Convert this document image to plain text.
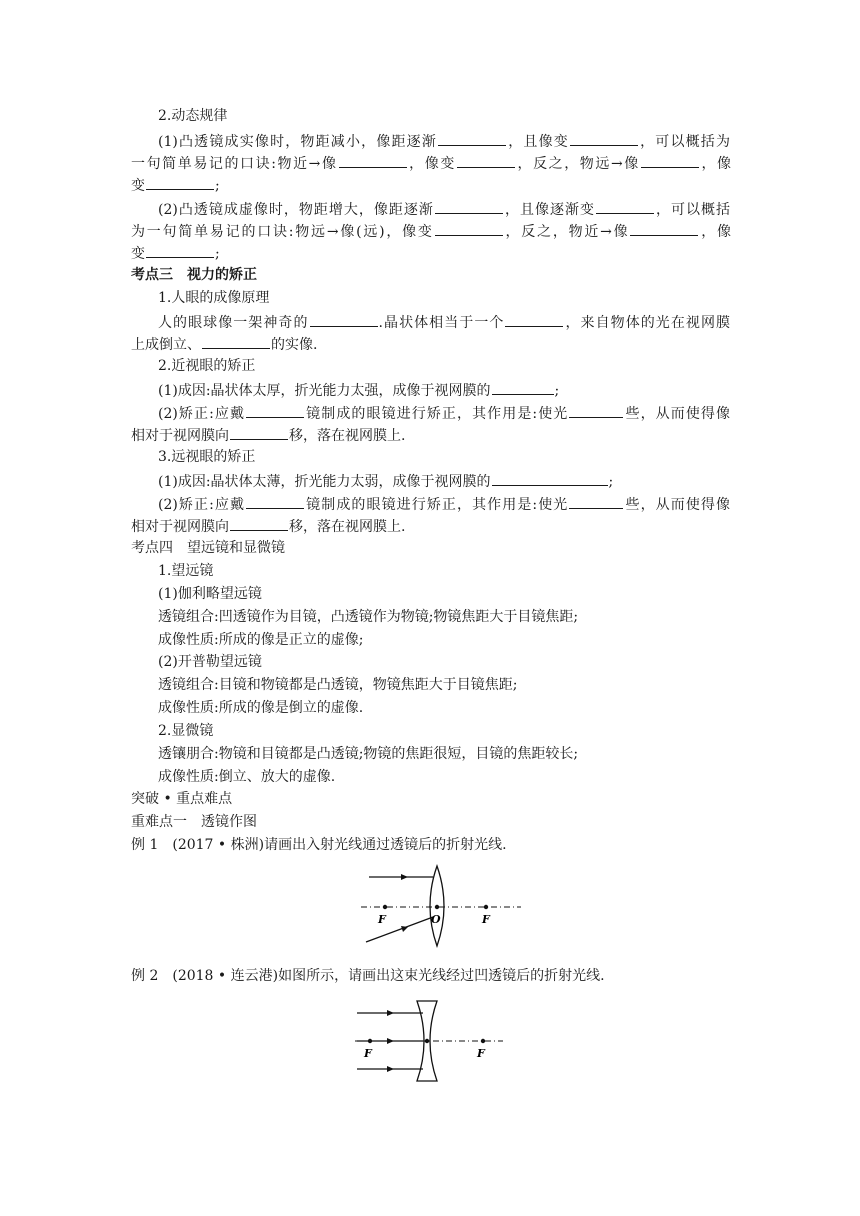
2.动态规律
(1)凸透镜成实像时，物距减小，像距逐渐	，且像变	，可以概括为
一句简单易记的口诀:物近→像	，像变	，反之，物远→像	，像
变	;
(2)凸透镜成虚像时，物距增大，像距逐渐	，且像逐渐变	，可以概括
为一句简单易记的口诀:物远→像(远)，像变	，反之，物近→像	，像
变	;
考点三　视力的矫正
1.人眼的成像原理
人的眼球像一架神奇的	.晶状体相当于一个	，来自物体的光在视网膜
上成倒立、	的实像.
2.近视眼的矫正
(1)成因:晶状体太厚，折光能力太强，成像于视网膜的	;
(2)矫正:应戴	镜制成的眼镜进行矫正，其作用是:使光	些，从而使得像
相对于视网膜向	移，落在视网膜上.
3.远视眼的矫正
(1)成因:晶状体太薄，折光能力太弱，成像于视网膜的	;
(2)矫正:应戴	镜制成的眼镜进行矫正，其作用是:使光	些，从而使得像
相对于视网膜向	移，落在视网膜上.
考点四　望远镜和显微镜
1.望远镜
(1)伽利略望远镜
透镜组合:凹透镜作为目镜，凸透镜作为物镜;物镜焦距大于目镜焦距;
成像性质:所成的像是正立的虚像;
(2)开普勒望远镜
透镜组合:目镜和物镜都是凸透镜，物镜焦距大于目镜焦距;
成像性质:所成的像是倒立的虚像.
2.显微镜
透镶朋合:物镜和目镜都是凸透镜;物镜的焦距很短，目镜的焦距较长;
成像性质:倒立、放大的虚像.
突破 • 重点难点
重难点一　透镜作图
例 1　(2017 • 株洲)请画出入射光线通过透镜后的折射光线.
F	O	F
例 2　(2018 • 连云港)如图所示，请画出这束光线经过凹透镜后的折射光线.
F	F
